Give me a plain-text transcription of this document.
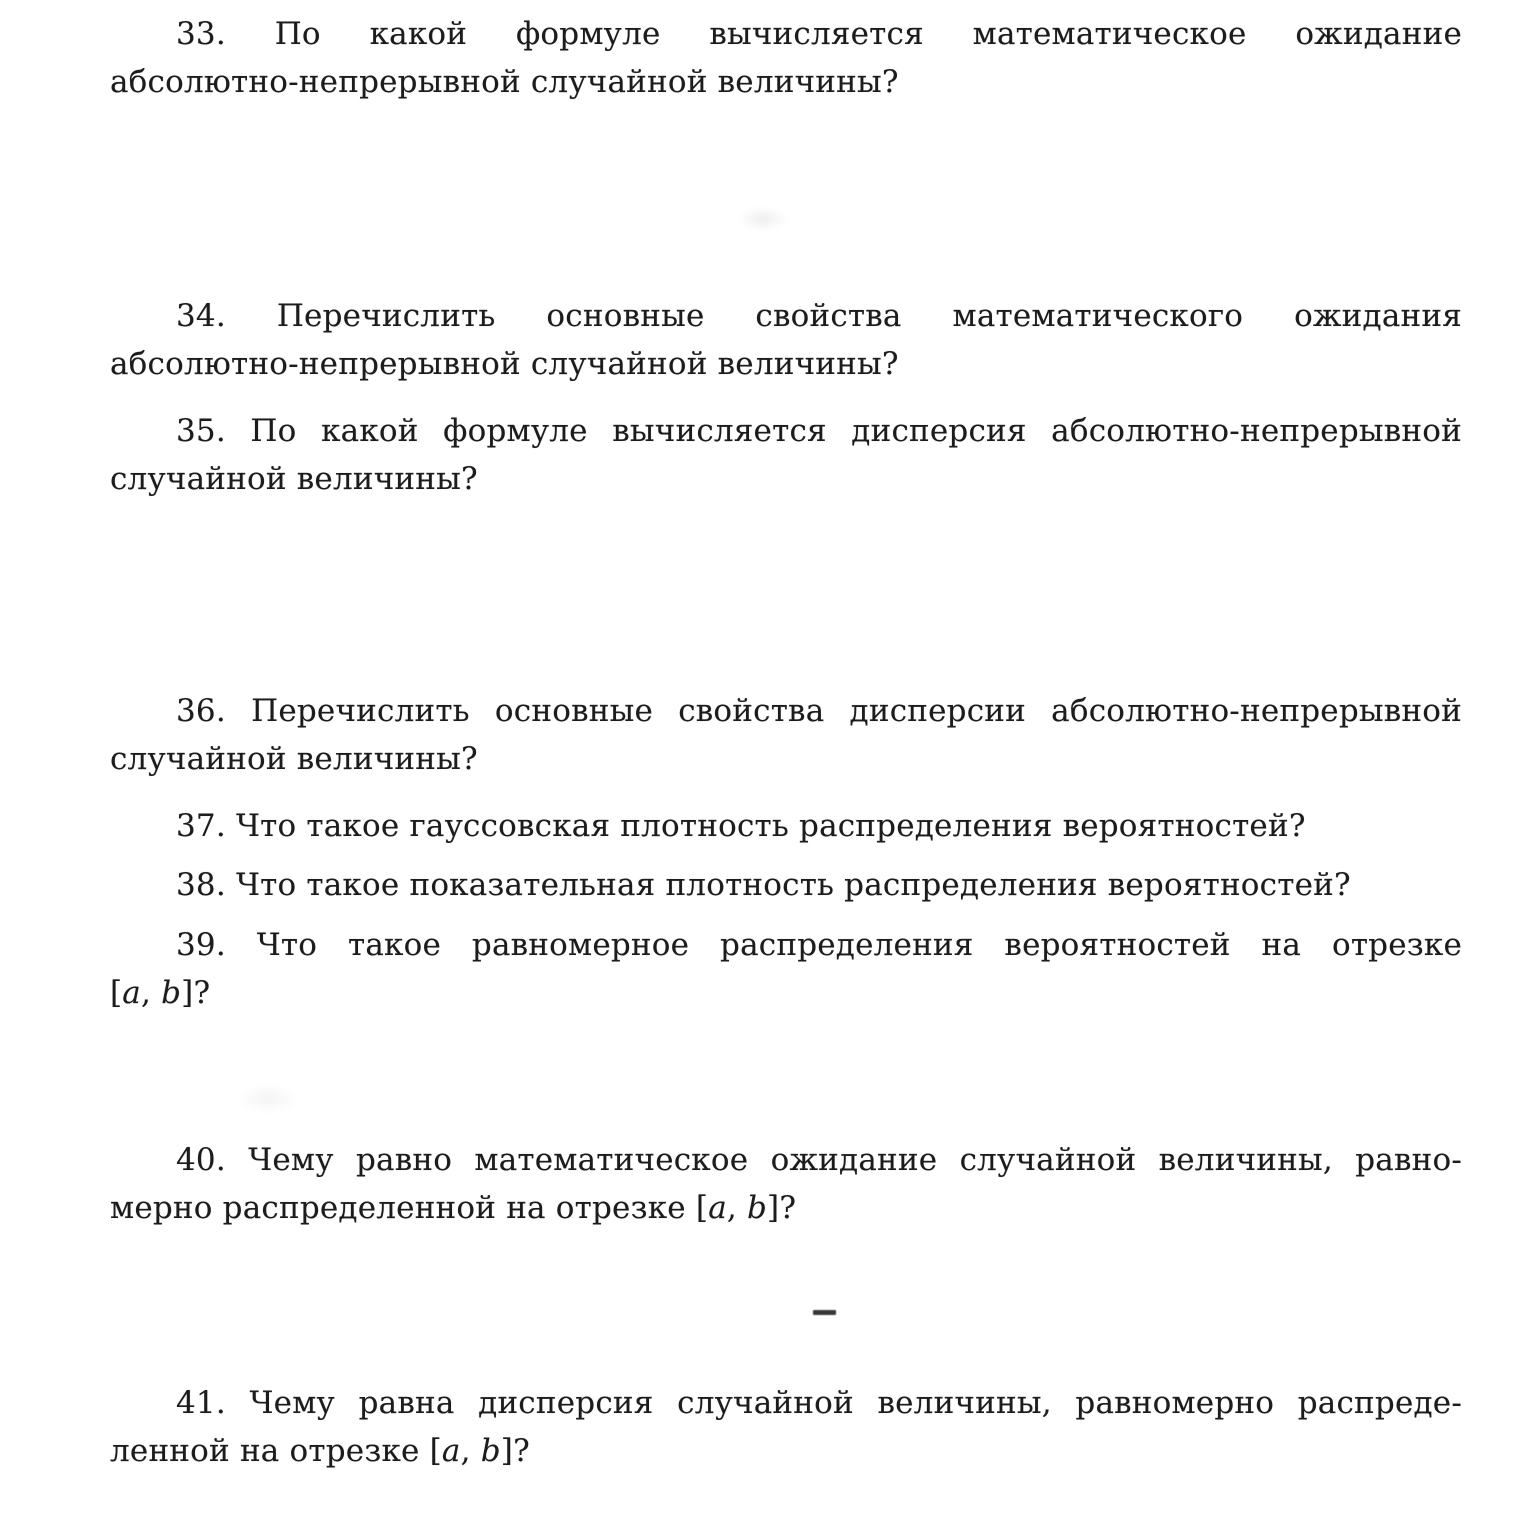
33. По какой формуле вычисляется математическое ожидание
абсолютно-непрерывной случайной величины?

34. Перечислить основные свойства математического ожидания
абсолютно-непрерывной случайной величины?

35. По какой формуле вычисляется дисперсия абсолютно-непрерывной
случайной величины?

36. Перечислить основные свойства дисперсии абсолютно-непрерывной
случайной величины?

37. Что такое гауссовская плотность распределения вероятностей?

38. Что такое показательная плотность распределения вероятностей?

39. Что такое равномерное распределения вероятностей на отрезке
[a, b]?

40. Чему равно математическое ожидание случайной величины, равно-
мерно распределенной на отрезке [a, b]?

41. Чему равна дисперсия случайной величины, равномерно распреде-
ленной на отрезке [a, b]?
